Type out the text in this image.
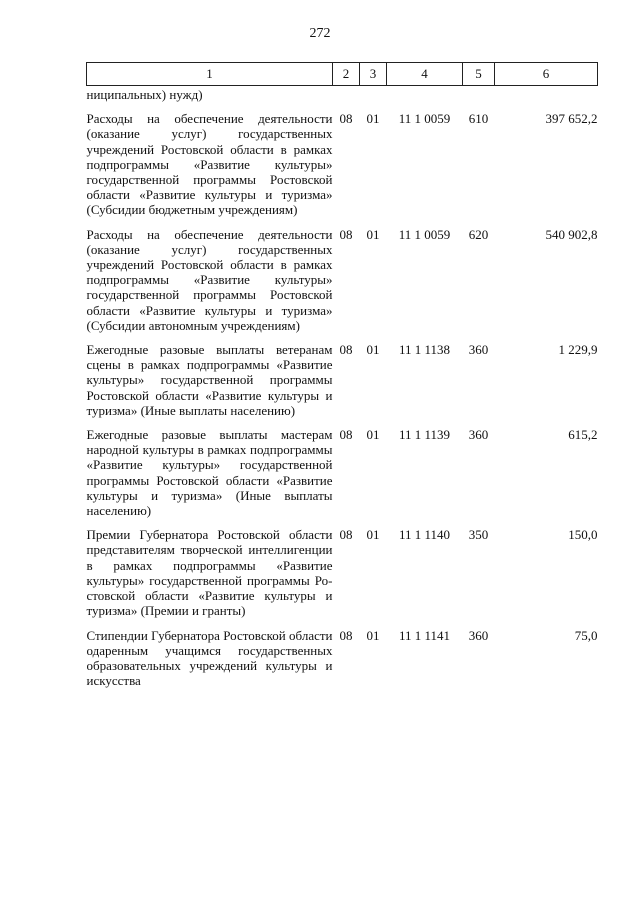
272
1	2	3	4	5	6
ниципальных) нужд)					
Расходы на обеспечение деятельности (оказание услуг) государственных учреждений Ростовской области в рамках подпрограммы «Развитие культуры» государственной программы Ростовской области «Развитие культуры и туризма» (Субсидии бюджетным учреждениям)	08	01	11 1 0059	610	397 652,2
Расходы на обеспечение деятельности (оказание услуг) государственных учреждений Ростовской области в рамках подпрограммы «Развитие культуры» государственной программы Ростовской области «Развитие культуры и туризма» (Субсидии автономным учреждениям)	08	01	11 1 0059	620	540 902,8
Ежегодные разовые выплаты ветеранам сцены в рамках подпрограммы «Развитие культуры» государственной программы Ростовской области «Развитие культуры и туризма» (Иные выплаты населению)	08	01	11 1 1138	360	1 229,9
Ежегодные разовые выплаты мастерам народной культуры в рамках подпрограммы «Развитие культуры» государственной программы Ростовской области «Развитие культуры и туризма» (Иные выплаты населению)	08	01	11 1 1139	360	615,2
Премии Губернатора Ростовской области представителям творческой интеллигенции в рамках подпрограммы «Развитие культуры» государственной программы Ростовской области «Развитие культуры и туризма» (Премии и гранты)	08	01	11 1 1140	350	150,0
Стипендии Губернатора Ростовской области одаренным учащимся государственных образовательных учреждений культуры и искусства	08	01	11 1 1141	360	75,0
